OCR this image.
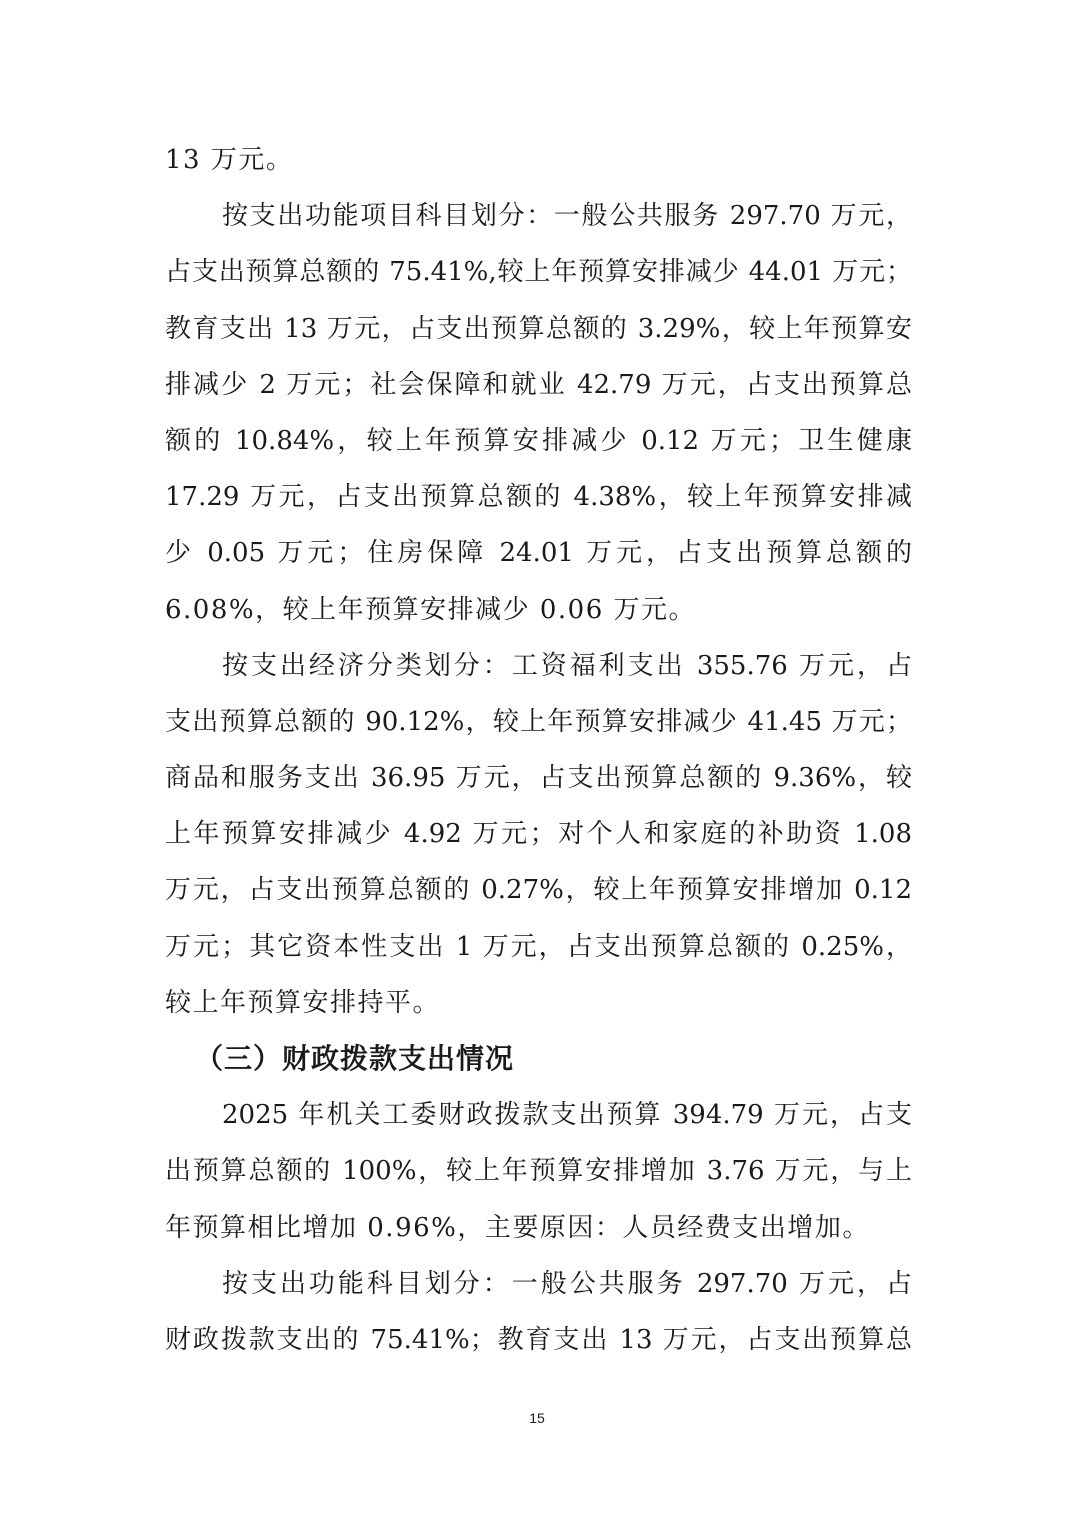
13 万元。
按支出功能项目科目划分：一般公共服务 297.70 万元，
占支出预算总额的 75.41%,较上年预算安排减少 44.01 万元；
教育支出 13 万元，占支出预算总额的 3.29%，较上年预算安
排减少 2 万元；社会保障和就业 42.79 万元，占支出预算总
额的 10.84%，较上年预算安排减少 0.12 万元；卫生健康
17.29 万元，占支出预算总额的 4.38%，较上年预算安排减
少 0.05 万元；住房保障 24.01 万元，占支出预算总额的
6.08%，较上年预算安排减少 0.06 万元。
按支出经济分类划分：工资福利支出 355.76 万元，占
支出预算总额的 90.12%，较上年预算安排减少 41.45 万元；
商品和服务支出 36.95 万元，占支出预算总额的 9.36%，较
上年预算安排减少 4.92 万元；对个人和家庭的补助资 1.08
万元，占支出预算总额的 0.27%，较上年预算安排增加 0.12
万元；其它资本性支出 1 万元，占支出预算总额的 0.25%，
较上年预算安排持平。
（三）财政拨款支出情况
2025 年机关工委财政拨款支出预算 394.79 万元，占支
出预算总额的 100%，较上年预算安排增加 3.76 万元，与上
年预算相比增加 0.96%，主要原因：人员经费支出增加。
按支出功能科目划分：一般公共服务 297.70 万元，占
财政拨款支出的 75.41%；教育支出 13 万元，占支出预算总
15
